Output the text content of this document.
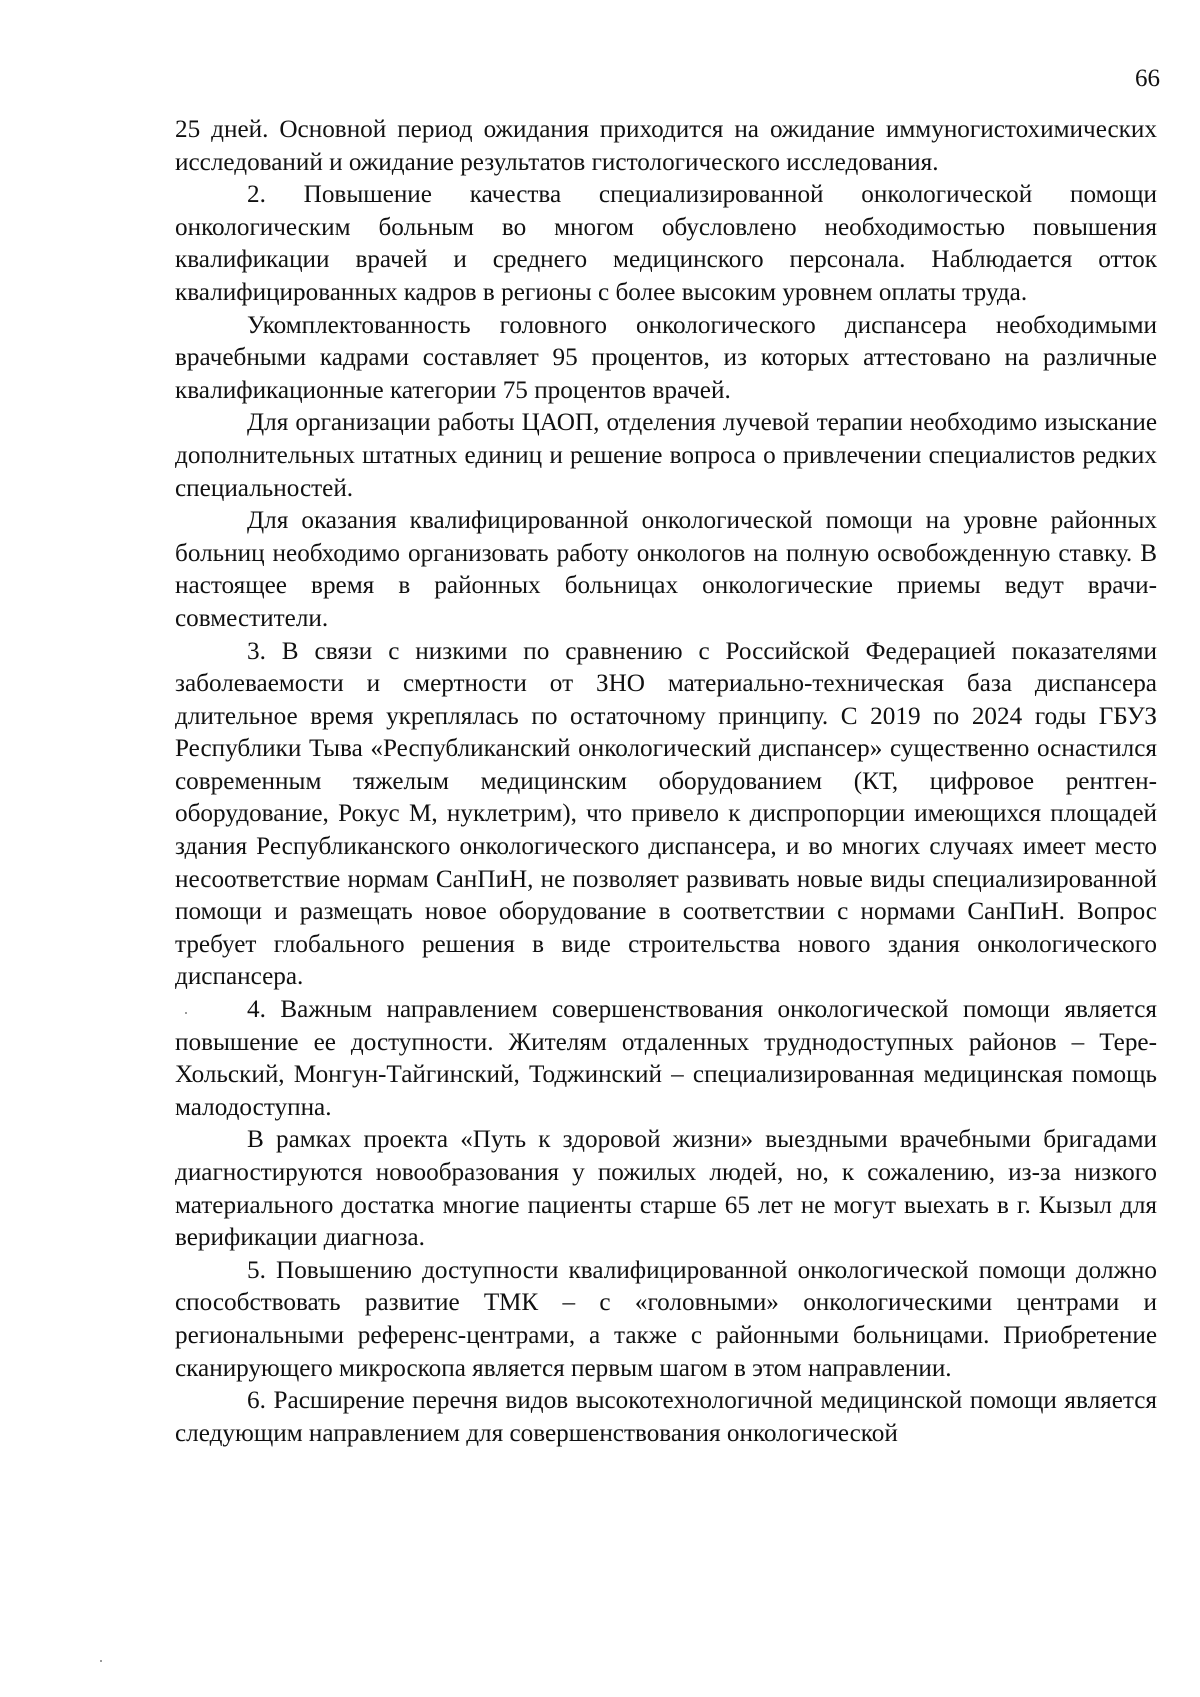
66

25 дней. Основной период ожидания приходится на ожидание иммуногистохимических исследований и ожидание результатов гистологического исследования.

2. Повышение качества специализированной онкологической помощи онкологическим больным во многом обусловлено необходимостью повышения квалификации врачей и среднего медицинского персонала. Наблюдается отток квалифицированных кадров в регионы с более высоким уровнем оплаты труда.

Укомплектованность головного онкологического диспансера необходимыми врачебными кадрами составляет 95 процентов, из которых аттестовано на различные квалификационные категории 75 процентов врачей.

Для организации работы ЦАОП, отделения лучевой терапии необходимо изыскание дополнительных штатных единиц и решение вопроса о привлечении специалистов редких специальностей.

Для оказания квалифицированной онкологической помощи на уровне районных больниц необходимо организовать работу онкологов на полную освобожденную ставку. В настоящее время в районных больницах онкологические приемы ведут врачи-совместители.

3. В связи с низкими по сравнению с Российской Федерацией показателями заболеваемости и смертности от ЗНО материально-техническая база диспансера длительное время укреплялась по остаточному принципу. С 2019 по 2024 годы ГБУЗ Республики Тыва «Республиканский онкологический диспансер» существенно оснастился современным тяжелым медицинским оборудованием (КТ, цифровое рентген-оборудование, Рокус М, нуклетрим), что привело к диспропорции имеющихся площадей здания Республиканского онкологического диспансера, и во многих случаях имеет место несоответствие нормам СанПиН, не позволяет развивать новые виды специализированной помощи и размещать новое оборудование в соответствии с нормами СанПиН. Вопрос требует глобального решения в виде строительства нового здания онкологического диспансера.

4. Важным направлением совершенствования онкологической помощи является повышение ее доступности. Жителям отдаленных труднодоступных районов – Тере-Хольский, Монгун-Тайгинский, Тоджинский – специализированная медицинская помощь малодоступна.

В рамках проекта «Путь к здоровой жизни» выездными врачебными бригадами диагностируются новообразования у пожилых людей, но, к сожалению, из-за низкого материального достатка многие пациенты старше 65 лет не могут выехать в г. Кызыл для верификации диагноза.

5. Повышению доступности квалифицированной онкологической помощи должно способствовать развитие ТМК – с «головными» онкологическими центрами и региональными референс-центрами, а также с районными больницами. Приобретение сканирующего микроскопа является первым шагом в этом направлении.

6. Расширение перечня видов высокотехнологичной медицинской помощи является следующим направлением для совершенствования онкологической
